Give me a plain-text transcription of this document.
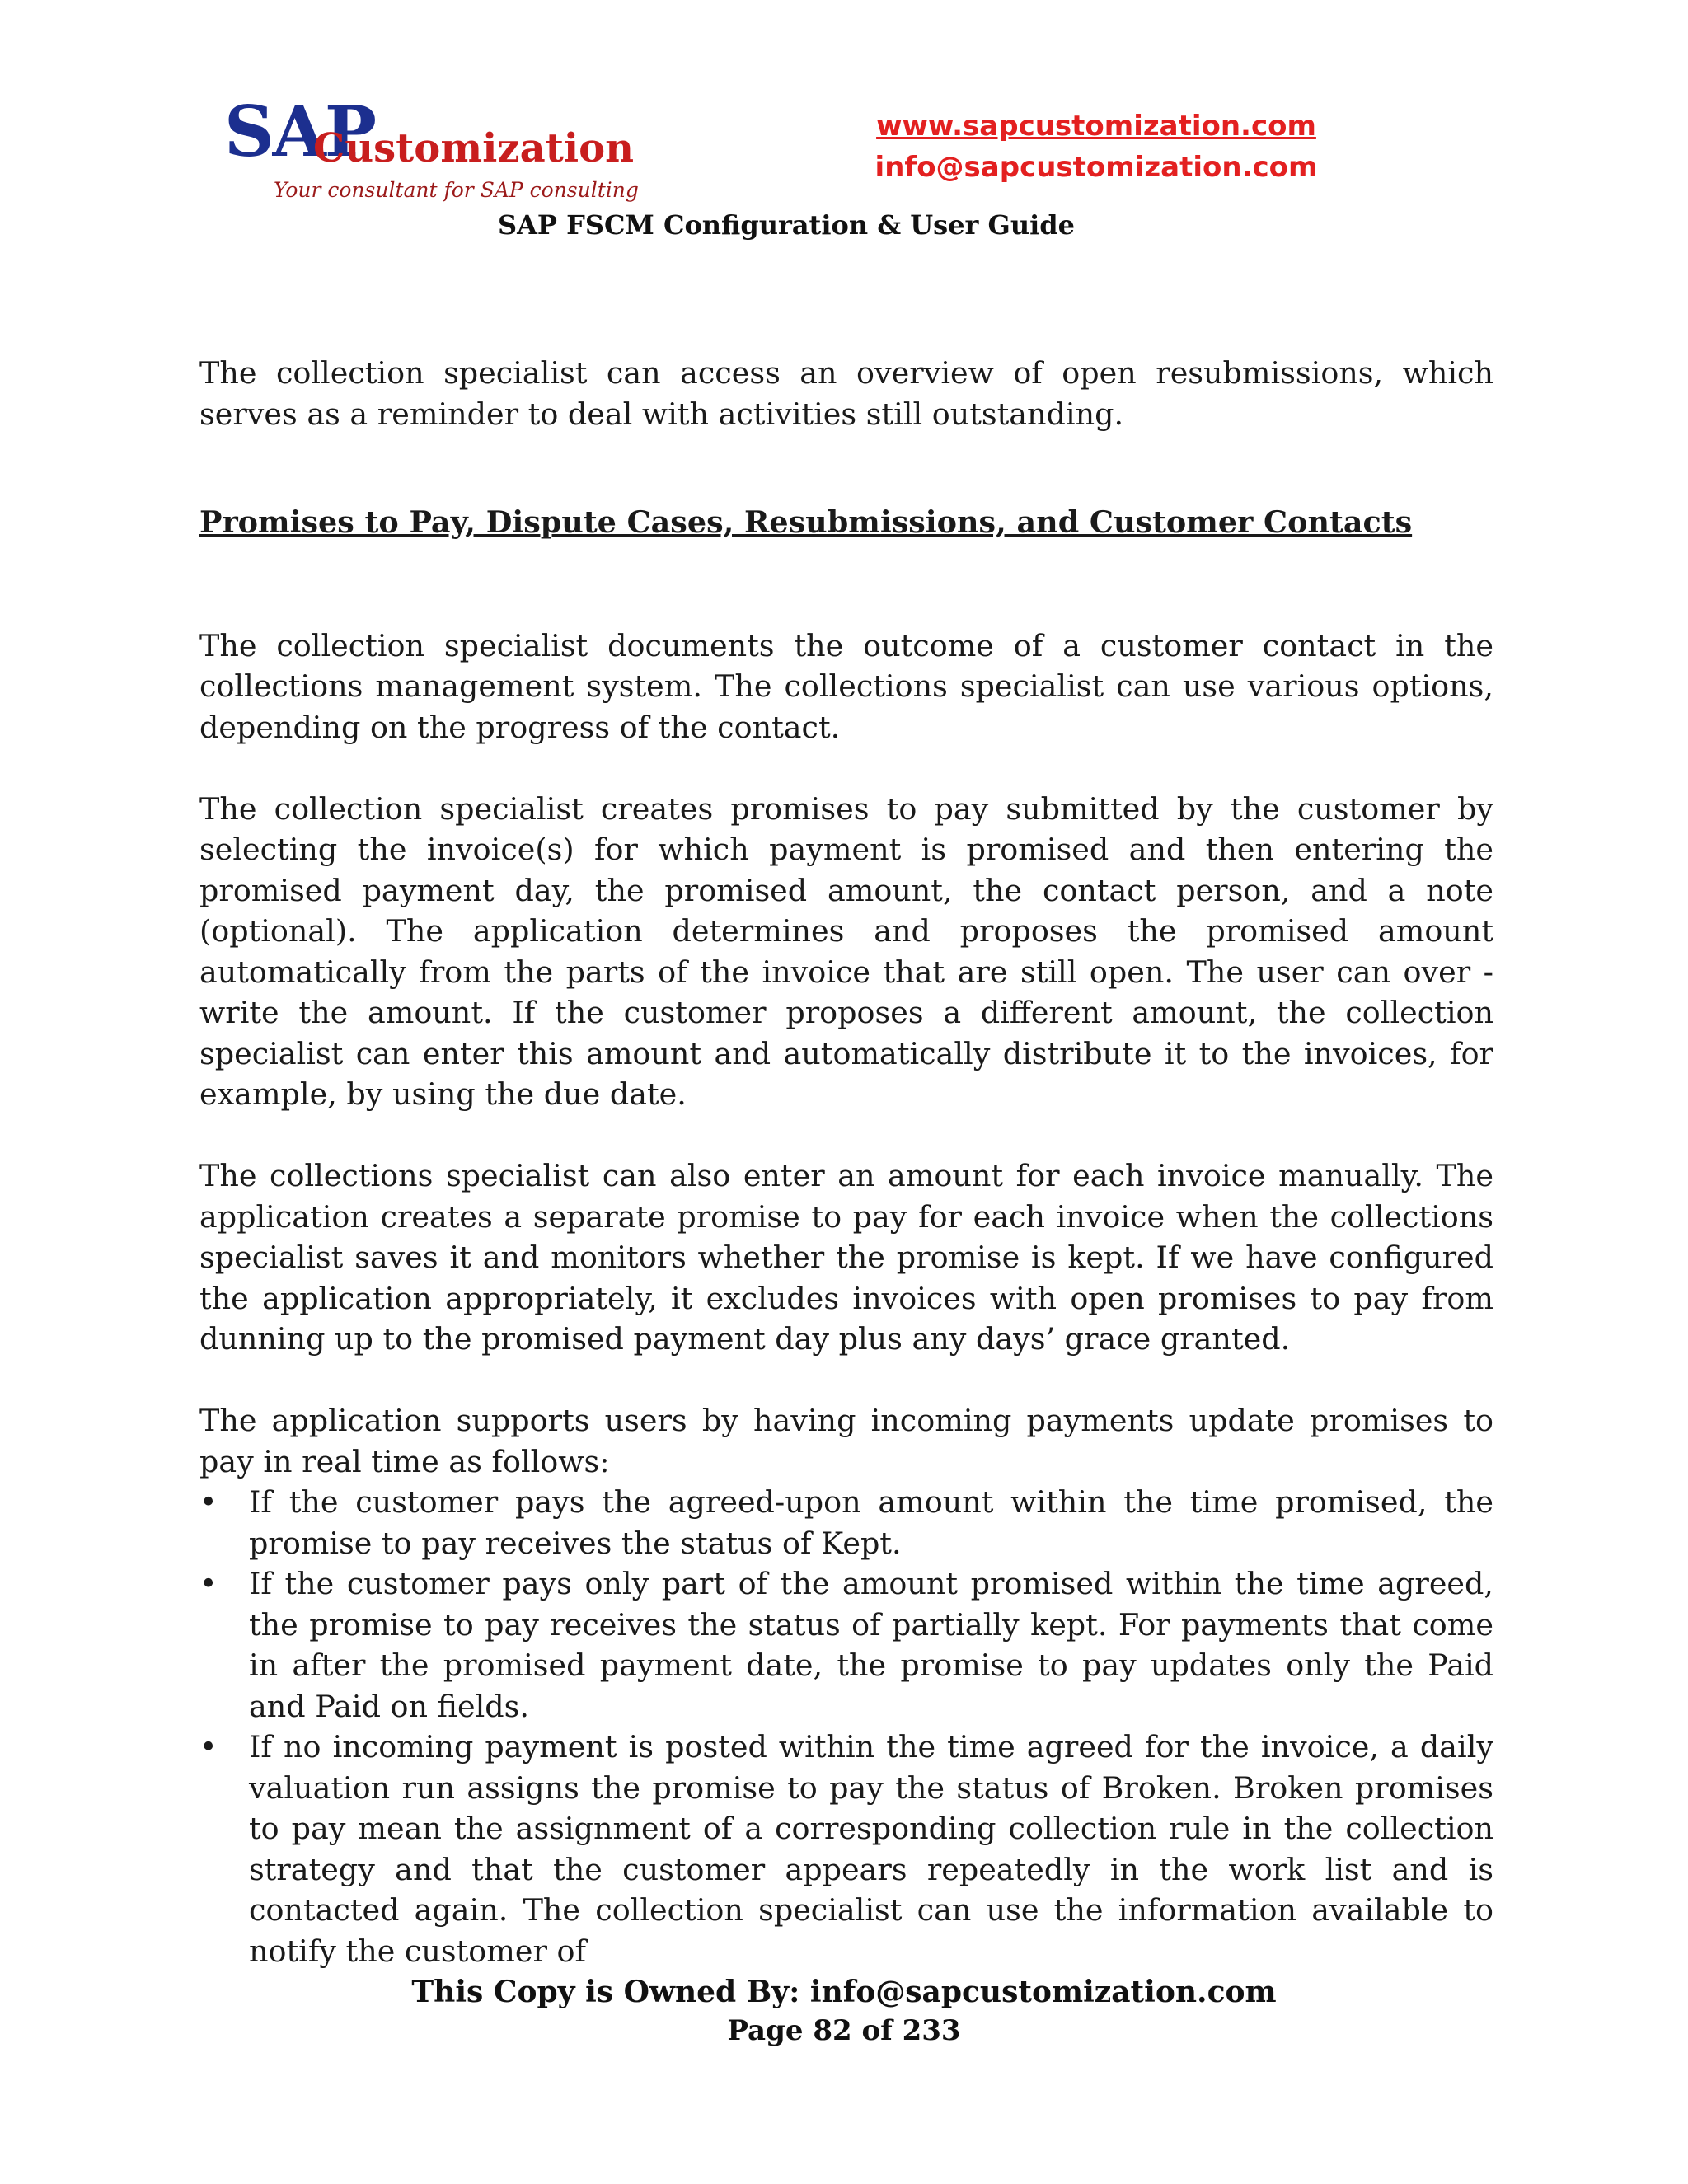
SAP
Customization
Your consultant for SAP consulting
www.sapcustomization.com
info@sapcustomization.com
SAP FSCM Configuration & User Guide

The collection specialist can access an overview of open resubmissions, which serves as a reminder to deal with activities still outstanding.

Promises to Pay, Dispute Cases, Resubmissions, and Customer Contacts

The collection specialist documents the outcome of a customer contact in the collections management system. The collections specialist can use various options, depending on the progress of the contact.

The collection specialist creates promises to pay submitted by the customer by selecting the invoice(s) for which payment is promised and then entering the promised payment day, the promised amount, the contact person, and a note (optional). The application determines and proposes the promised amount automatically from the parts of the invoice that are still open. The user can over - write the amount. If the customer proposes a different amount, the collection specialist can enter this amount and automatically distribute it to the invoices, for example, by using the due date.

The collections specialist can also enter an amount for each invoice manually. The application creates a separate promise to pay for each invoice when the collections specialist saves it and monitors whether the promise is kept. If we have configured the application appropriately, it excludes invoices with open promises to pay from dunning up to the promised payment day plus any days’ grace granted.

The application supports users by having incoming payments update promises to pay in real time as follows:

• If the customer pays the agreed-upon amount within the time promised, the promise to pay receives the status of Kept.
• If the customer pays only part of the amount promised within the time agreed, the promise to pay receives the status of partially kept. For payments that come in after the promised payment date, the promise to pay updates only the Paid and Paid on fields.
• If no incoming payment is posted within the time agreed for the invoice, a daily valuation run assigns the promise to pay the status of Broken. Broken promises to pay mean the assignment of a corresponding collection rule in the collection strategy and that the customer appears repeatedly in the work list and is contacted again. The collection specialist can use the information available to notify the customer of
This Copy is Owned By: info@sapcustomization.com
Page 82 of 233
